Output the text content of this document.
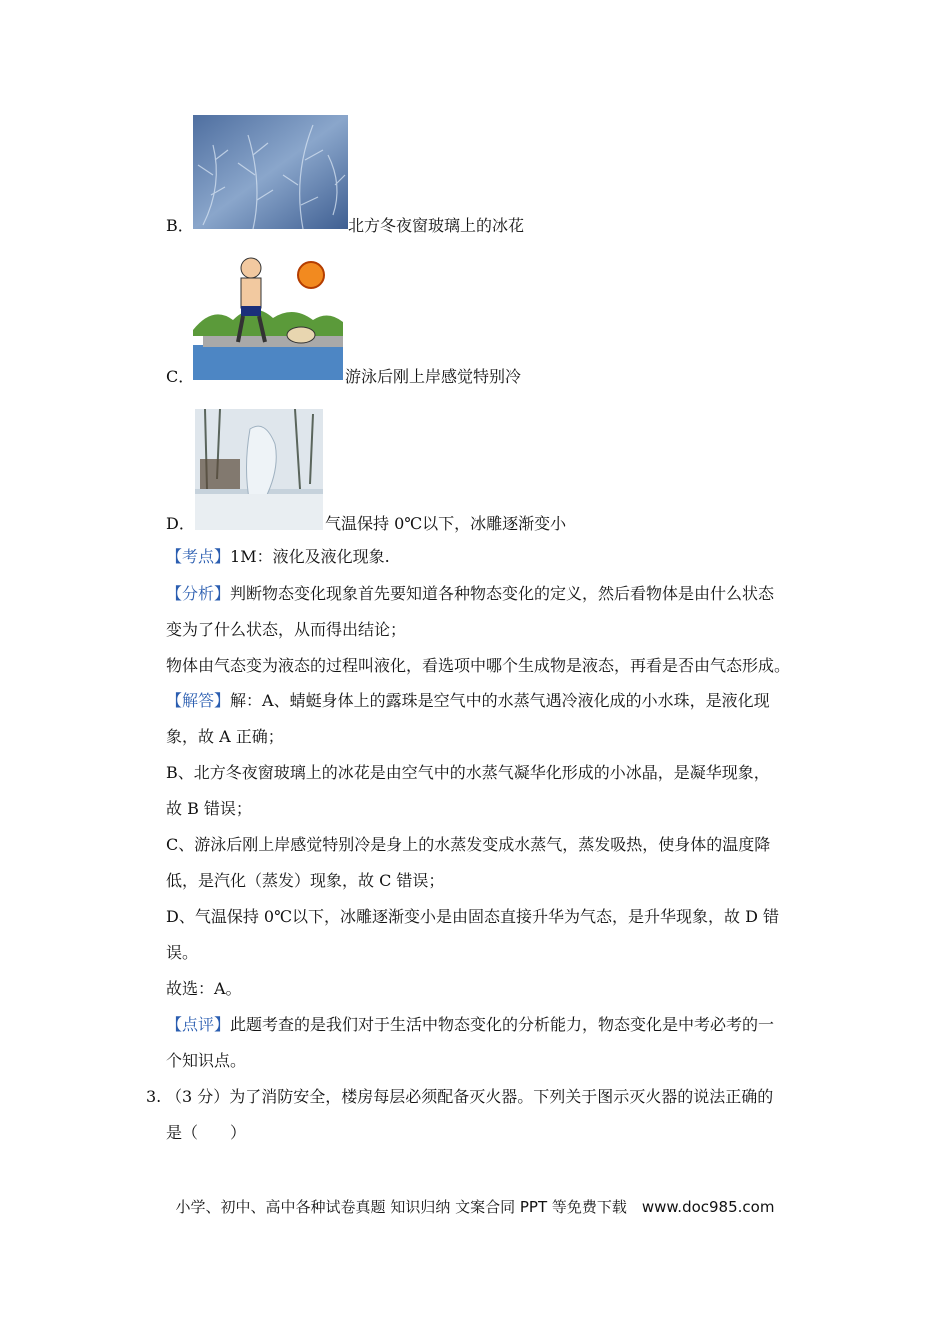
B．	北方冬夜窗玻璃上的冰花
C．	游泳后刚上岸感觉特别冷
D．	气温保持 0℃以下，冰雕逐渐变小
【考点】1M：液化及液化现象.
【分析】判断物态变化现象首先要知道各种物态变化的定义，然后看物体是由什么状态
变为了什么状态，从而得出结论；
物体由气态变为液态的过程叫液化，看选项中哪个生成物是液态，再看是否由气态形成。
【解答】解：A、蜻蜓身体上的露珠是空气中的水蒸气遇冷液化成的小水珠，是液化现
象，故 A 正确；
B、北方冬夜窗玻璃上的冰花是由空气中的水蒸气凝华化形成的小冰晶，是凝华现象，
故 B 错误；
C、游泳后刚上岸感觉特别冷是身上的水蒸发变成水蒸气，蒸发吸热，使身体的温度降
低，是汽化（蒸发）现象，故 C 错误；
D、气温保持 0℃以下，冰雕逐渐变小是由固态直接升华为气态，是升华现象，故 D 错
误。
故选：A。
【点评】此题考查的是我们对于生活中物态变化的分析能力，物态变化是中考必考的一
个知识点。
3. （3 分）为了消防安全，楼房每层必须配备灭火器。下列关于图示灭火器的说法正确的
是（　　）
小学、初中、高中各种试卷真题 知识归纳 文案合同 PPT 等免费下载　www.doc985.com
